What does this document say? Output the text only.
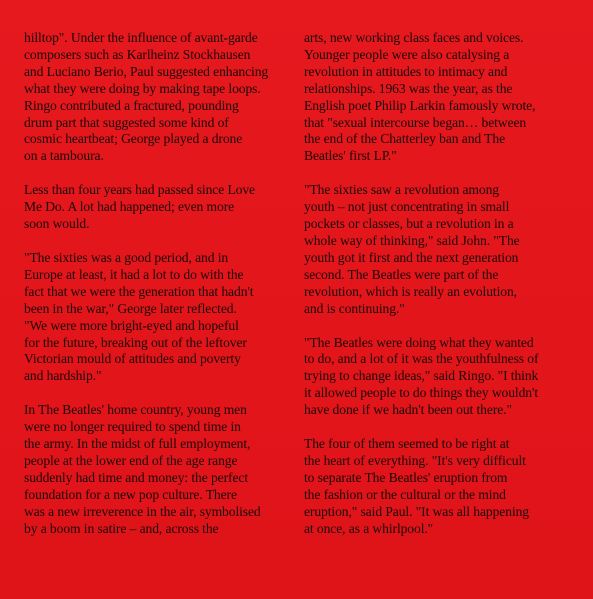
hilltop". Under the influence of avant-garde
composers such as Karlheinz Stockhausen
and Luciano Berio, Paul suggested enhancing
what they were doing by making tape loops.
Ringo contributed a fractured, pounding
drum part that suggested some kind of
cosmic heartbeat; George played a drone
on a tamboura.

Less than four years had passed since Love
Me Do. A lot had happened; even more
soon would.

"The sixties was a good period, and in
Europe at least, it had a lot to do with the
fact that we were the generation that hadn't
been in the war," George later reflected.
"We were more bright-eyed and hopeful
for the future, breaking out of the leftover
Victorian mould of attitudes and poverty
and hardship."

In The Beatles' home country, young men
were no longer required to spend time in
the army. In the midst of full employment,
people at the lower end of the age range
suddenly had time and money: the perfect
foundation for a new pop culture. There
was a new irreverence in the air, symbolised
by a boom in satire – and, across the

arts, new working class faces and voices.
Younger people were also catalysing a
revolution in attitudes to intimacy and
relationships. 1963 was the year, as the
English poet Philip Larkin famously wrote,
that "sexual intercourse began… between
the end of the Chatterley ban and The
Beatles' first LP."

"The sixties saw a revolution among
youth – not just concentrating in small
pockets or classes, but a revolution in a
whole way of thinking," said John. "The
youth got it first and the next generation
second. The Beatles were part of the
revolution, which is really an evolution,
and is continuing."

"The Beatles were doing what they wanted
to do, and a lot of it was the youthfulness of
trying to change ideas," said Ringo. "I think
it allowed people to do things they wouldn't
have done if we hadn't been out there."

The four of them seemed to be right at
the heart of everything. "It's very difficult
to separate The Beatles' eruption from
the fashion or the cultural or the mind
eruption," said Paul. "It was all happening
at once, as a whirlpool."
